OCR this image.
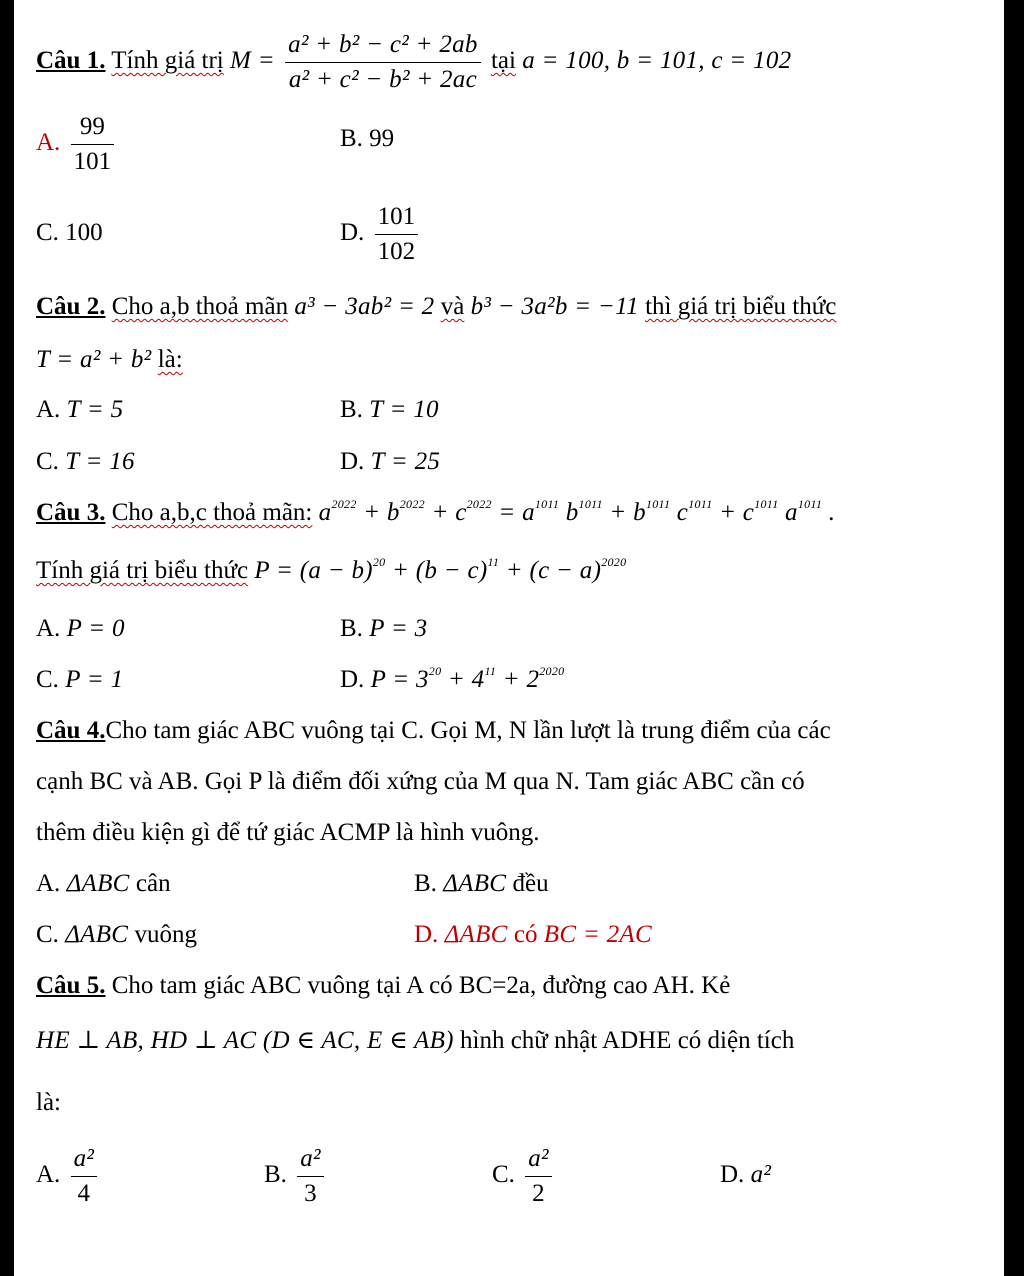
Câu 1. Tính giá trị $M = \frac{\text{a² + b² − c² + 2ab}}{\text{a² + c² − b² + 2ac}}$ tại a = 100, b = 101, c = 102
A. $\frac{99}{101}$	B. 99
C. 100	D. $\frac{101}{102}$
Câu 2. Cho a,b thoả mãn a³ − 3ab² = 2 và b³ − 3a²b = −11 thì giá trị biểu thức
T = a² + b² là:
A. T = 5	B. T = 10
C. T = 16	D. T = 25
Câu 3. Cho a,b,c thoả mãn: $a^{2022} + b^{2022} + c^{2022} = a^{1011}$ $b^{1011} + b^{1011}$ $c^{1011} + c^{1011}$ $a^{1011}$ .
Tính giá trị biểu thức $P = (a - b)^{20} + (b - c)^{11} + (c - a)^{2020}$
A. P = 0	B. P = 3
C. P = 1	D. $P = 3^{20} + 4^{11} + 2^{2020}$
Câu 4.Cho tam giác ABC vuông tại C. Gọi M, N lần lượt là trung điểm của các
cạnh BC và AB. Gọi P là điểm đối xứng của M qua N. Tam giác ABC cần có
thêm điều kiện gì để tứ giác ACMP là hình vuông.
A. ΔABC cân	B. ΔABC đều
C. ΔABC vuông	D. ΔABC có BC = 2AC
Câu 5. Cho tam giác ABC vuông tại A có BC=2a, đường cao AH. Kẻ
HE ⊥ AB, HD ⊥ AC (D ∈ AC, E ∈ AB) hình chữ nhật ADHE có diện tích
là:
A. $\frac{\text{a²}}{4}$	B. $\frac{\text{a²}}{3}$	C. $\frac{\text{a²}}{2}$	D. a²
